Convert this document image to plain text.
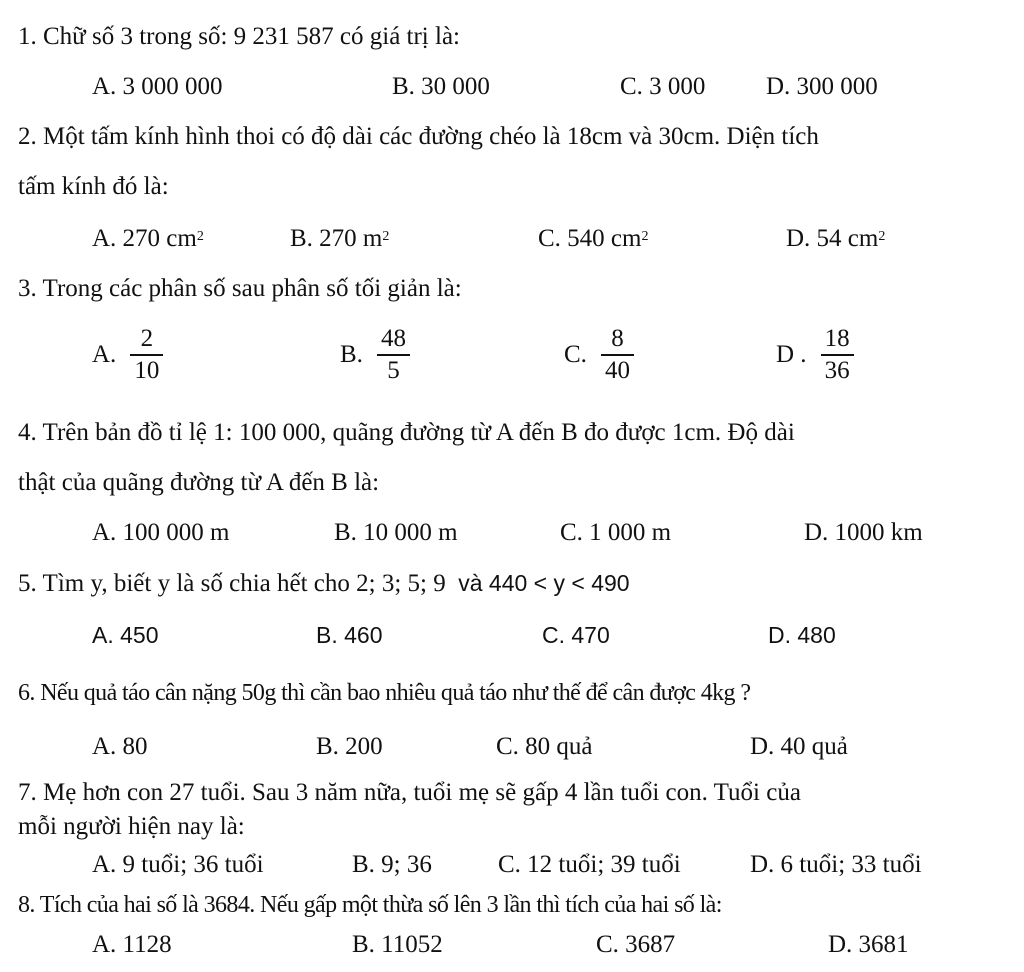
1. Chữ số 3 trong số: 9 231 587 có giá trị là:
A. 3 000 000	B. 30 000	C. 3 000 D. 300 000
2. Một tấm kính hình thoi có độ dài các đường chéo là 18cm và 30cm. Diện tích
tấm kính đó là:
A. 270 $cm^2$	B. 270 $m^2$	C. 540 $cm^2$	D. 54 $cm^2$
3. Trong các phân số sau phân số tối giản là:
A. $\frac{2}{10}$	B. $\frac{48}{5}$	C. $\frac{8}{40}$	D . $\frac{18}{36}$
4. Trên bản đồ tỉ lệ 1: 100 000, quãng đường từ A đến B đo được 1cm. Độ dài
thật của quãng đường từ A đến B là:
A. 100 000 m	B. 10 000 m	C. 1 000 m	D. 1000 km
5. Tìm y, biết y là số chia hết cho 2; 3; 5; 9 và 440 < y < 490
A. 450	B. 460	C. 470	D. 480
6. Nếu quả táo cân nặng 50g thì cần bao nhiêu quả táo như thế để cân được 4kg ?
A. 80	B. 200	C. 80 quả	D. 40 quả
7. Mẹ hơn con 27 tuổi. Sau 3 năm nữa, tuổi mẹ sẽ gấp 4 lần tuổi con. Tuổi của
mỗi người hiện nay là:
A. 9 tuổi; 36 tuổi	B. 9; 36	C. 12 tuổi; 39 tuổi	D. 6 tuổi; 33 tuổi
8. Tích của hai số là 3684. Nếu gấp một thừa số lên 3 lần thì tích của hai số là:
A. 1128	B. 11052	C. 3687	D. 3681
